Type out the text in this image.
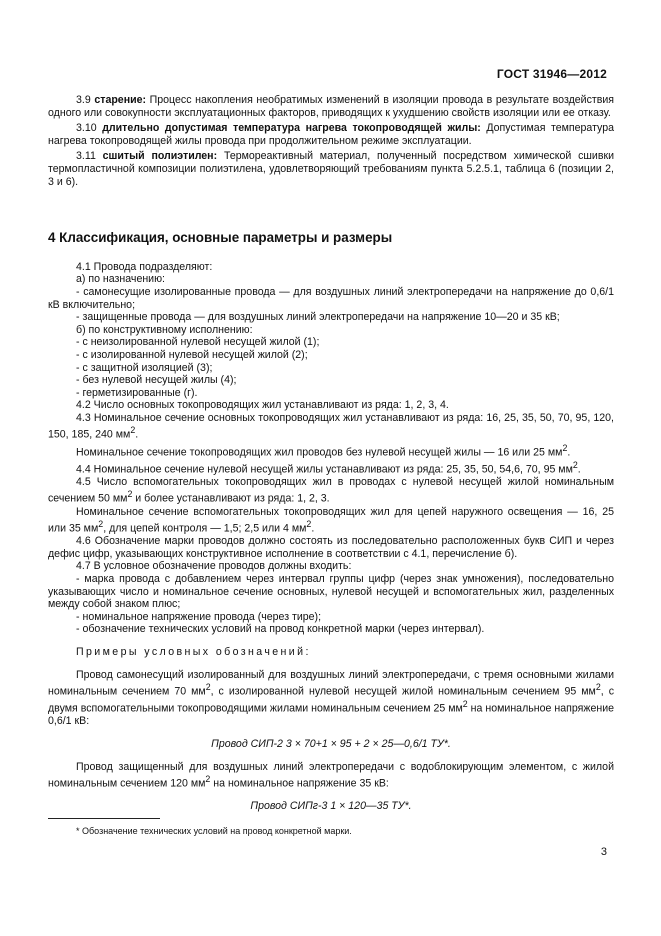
ГОСТ 31946—2012

3.9 старение: Процесс накопления необратимых изменений в изоляции провода в результате воздействия одного или совокупности эксплуатационных факторов, приводящих к ухудшению свойств изоляции или ее отказу.

3.10 длительно допустимая температура нагрева токопроводящей жилы: Допустимая температура нагрева токопроводящей жилы провода при продолжительном режиме эксплуатации.

3.11 сшитый полиэтилен: Термореактивный материал, полученный посредством химической сшивки термопластичной композиции полиэтилена, удовлетворяющий требованиям пункта 5.2.5.1, таблица 6 (позиции 2, 3 и 6).

4 Классификация, основные параметры и размеры

4.1 Провода подразделяют:

а) по назначению:

- самонесущие изолированные провода — для воздушных линий электропередачи на напряжение до 0,6/1 кВ включительно;

- защищенные провода — для воздушных линий электропередачи на напряжение 10—20 и 35 кВ;

б) по конструктивному исполнению:

- с неизолированной нулевой несущей жилой (1);

- с изолированной нулевой несущей жилой (2);

- с защитной изоляцией (3);

- без нулевой несущей жилы (4);

- герметизированные (г).

4.2 Число основных токопроводящих жил устанавливают из ряда: 1, 2, 3, 4.

4.3 Номинальное сечение основных токопроводящих жил устанавливают из ряда: 16, 25, 35, 50, 70, 95, 120, 150, 185, 240 $мм^2$.

Номинальное сечение токопроводящих жил проводов без нулевой несущей жилы — 16 или 25 $мм^2$.

4.4 Номинальное сечение нулевой несущей жилы устанавливают из ряда: 25, 35, 50, 54,6, 70, 95 $мм^2$.

4.5 Число вспомогательных токопроводящих жил в проводах с нулевой несущей жилой номинальным сечением 50 $мм^2$ и более устанавливают из ряда: 1, 2, 3.

Номинальное сечение вспомогательных токопроводящих жил для цепей наружного освещения — 16, 25 или 35 $мм^2$, для цепей контроля — 1,5; 2,5 или 4 $мм^2$.

4.6 Обозначение марки проводов должно состоять из последовательно расположенных букв СИП и через дефис цифр, указывающих конструктивное исполнение в соответствии с 4.1, перечисление б).

4.7 В условное обозначение проводов должны входить:

- марка провода с добавлением через интервал группы цифр (через знак умножения), последовательно указывающих число и номинальное сечение основных, нулевой несущей и вспомогательных жил, разделенных между собой знаком плюс;

- номинальное напряжение провода (через тире);

- обозначение технических условий на провод конкретной марки (через интервал).

Примеры условных обозначений:

Провод самонесущий изолированный для воздушных линий электропередачи, с тремя основными жилами номинальным сечением 70 $мм^2$, с изолированной нулевой несущей жилой номинальным сечением 95 $мм^2$, с двумя вспомогательными токопроводящими жилами номинальным сечением 25 $мм^2$ на номинальное напряжение 0,6/1 кВ:

Провод СИП-2 3 × 70+1 × 95 + 2 × 25—0,6/1 ТУ*.

Провод защищенный для воздушных линий электропередачи с водоблокирующим элементом, с жилой номинальным сечением 120 $мм^2$ на номинальное напряжение 35 кВ:

Провод СИПг-3 1 × 120—35 ТУ*.

* Обозначение технических условий на провод конкретной марки.
3
